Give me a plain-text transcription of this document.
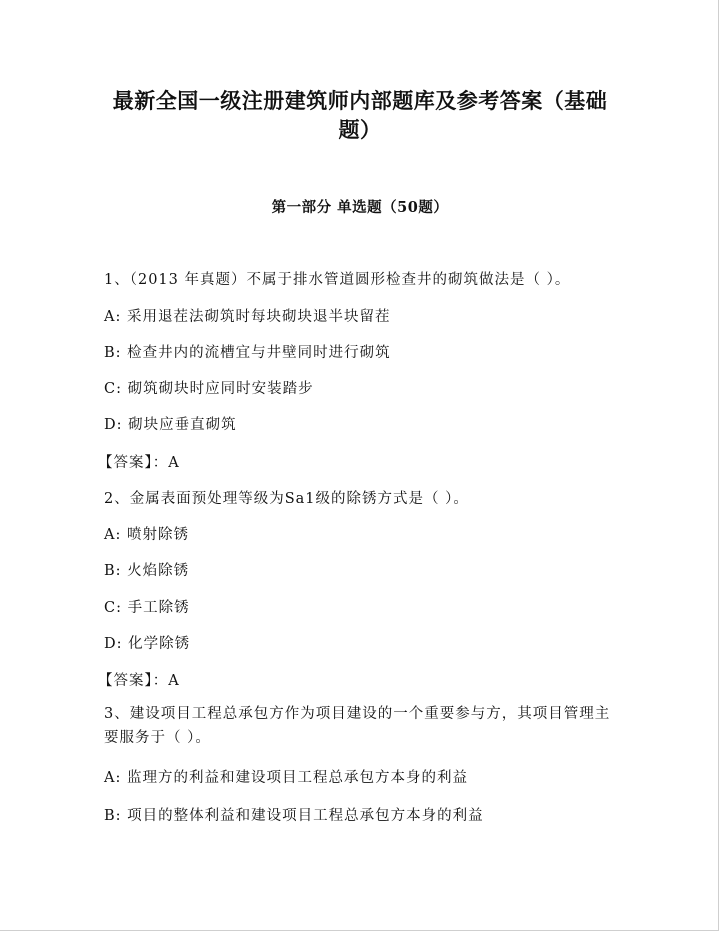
最新全国一级注册建筑师内部题库及参考答案（基础题）
第一部分 单选题（50题）
1、（2013 年真题）不属于排水管道圆形检查井的砌筑做法是（ ）。
A: 采用退茬法砌筑时每块砌块退半块留茬
B: 检查井内的流槽宜与井壁同时进行砌筑
C: 砌筑砌块时应同时安装踏步
D: 砌块应垂直砌筑
【答案】：A
2、金属表面预处理等级为Sa1级的除锈方式是（ ）。
A: 喷射除锈
B: 火焰除锈
C: 手工除锈
D: 化学除锈
【答案】：A
3、建设项目工程总承包方作为项目建设的一个重要参与方，其项目管理主要服务于（ ）。
A: 监理方的利益和建设项目工程总承包方本身的利益
B: 项目的整体利益和建设项目工程总承包方本身的利益
